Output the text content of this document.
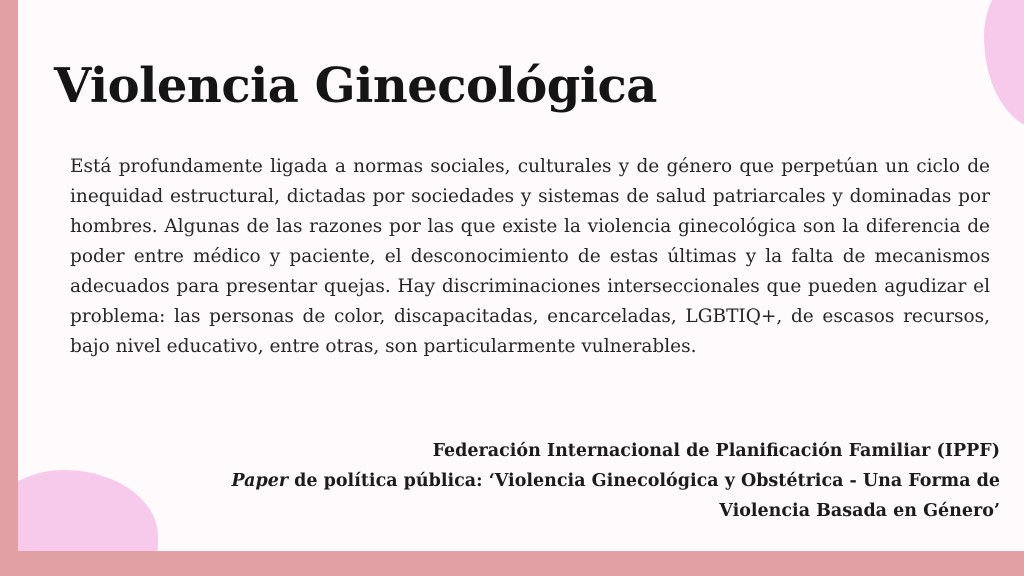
Violencia Ginecológica

Está profundamente ligada a normas sociales, culturales y de género que perpetúan un ciclo de inequidad estructural, dictadas por sociedades y sistemas de salud patriarcales y dominadas por hombres. Algunas de las razones por las que existe la violencia ginecológica son la diferencia de poder entre médico y paciente, el desconocimiento de estas últimas y la falta de mecanismos adecuados para presentar quejas. Hay discriminaciones interseccionales que pueden agudizar el problema: las personas de color, discapacitadas, encarceladas, LGBTIQ+, de escasos recursos, bajo nivel educativo, entre otras, son particularmente vulnerables.

Federación Internacional de Planificación Familiar (IPPF)
Paper de política pública: ‘Violencia Ginecológica y Obstétrica - Una Forma de
Violencia Basada en Género’
